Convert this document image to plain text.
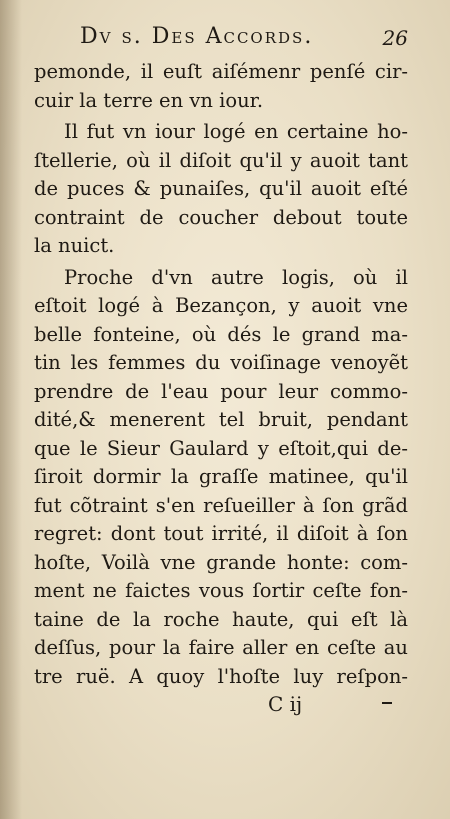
Dv s. Des Accords.	26
pemonde, il euſt aiſémenr penſé cir-
cuir la terre en vn iour.
Il fut vn iour logé en certaine ho-
ſtellerie, où il diſoit qu'il y auoit tant
de puces & punaiſes, qu'il auoit eſté
contraint de coucher debout toute
la nuict.
Proche d'vn autre logis, où il
eſtoit logé à Bezançon, y auoit vne
belle fonteine, où dés le grand ma-
tin les femmes du voiſinage venoyẽt
prendre de l'eau pour leur commo-
dité,& menerent tel bruit, pendant
que le Sieur Gaulard y eſtoit,qui de-
ſiroit dormir la graſſe matinee, qu'il
fut cõtraint s'en reſueiller à ſon grãd
regret: dont tout irrité, il diſoit à ſon
hoſte, Voilà vne grande honte: com-
ment ne faictes vous ſortir ceſte fon-
taine de la roche haute, qui eſt là
deſſus, pour la faire aller en ceſte au
tre ruë. A quoy l'hoſte luy reſpon-
C ij
